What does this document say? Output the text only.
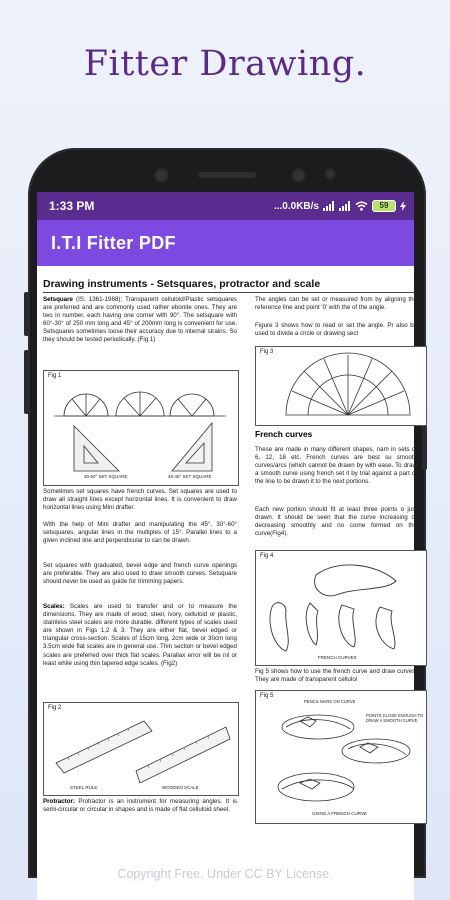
Fitter Drawing.
1:33 PM	...0.0KB/s	59
I.T.I Fitter PDF
Drawing instruments - Setsquares, protractor and scale
Setsquare (IS: 1361-1988): Transparent celluloid/Plastic setsquares are preferred and are commonly used rather ebonite ones. They are two in number, each having one corner with 90°. The setsquare with 60°-30° of 250 mm long and 45° of 200mm long is convenient for use. Setsquares sometimes loose their accuracy due to internal strains. So they should be tested periodically. (Fig 1)
Fig 1
30-60° SET SQUARE	45-45° SET SQUARE
Sometimes set squares have french curves. Set squares are used to draw all straight lines except horizontal lines. It is convenient to draw horizontal lines using Mini drafter.
With the help of Mini drafter and manipulating the 45°, 30°-60° setsquares, angular lines in the multiples of 15°. Parallel lines to a given inclined line and perpendicular to can be drawn.
Set squares with graduated, bevel edge and french curve openings are preferable. They are also used to draw smooth curves. Setsquare should never be used as guide for trimming papers.
Scales: Scales are used to transfer and or to measure the dimensions. They are made of wood, steel, ivory, celluloid or plastic, stainless steel scales are more durable. different types of scales used are shown in Figs 1,2 & 3. They are either flat, bevel edged or triangular cross-section. Scales of 15cm long, 2cm wide or 30cm long 3.5cm wide flat scales are in general use. Thin section or bevel edged scales are preferred over thick flat scales. Parallax error will be nil or least while using thin tapered edge scales. (Fig2)
Fig 2
STEEL RULE	WOODEN SCALE
Protractor: Protractor is an instrument for measuring angles. It is semi-circular or circular in shapes and is made of flat celluloid sheet.
The angles can be set or measured from by aligning the reference line and point '0' with the of the angle.
Figure 3 shows how to read or set the angle. Pr also be used to divide a circle or drawing sect
Fig 3
French curves
These are made in many different shapes, nam in sets of 6, 12, 18 etc. French curves are best su smooth curves/arcs (which cannot be drawn by with ease. To draw a smooth curve using french set it by trial against a part of the line to be drawn it to the next portions.
Each new portion should fit at least three points o just drawn. It should be seen that the curve increasing or decreasing smoothly and no corne formed on the curve(Fig4).
Fig 4
FRENCH CURVES
Fig 5 shows how to use the french curve and draw curves. They are made of transparent celluloi
Fig 5
PENCIL MARK ON CURVE
POINTS CLOSE ENOUGH TO DRAW A SMOOTH CURVE
USING A FRENCH CURVE
Copyright Free. Under CC BY License.
